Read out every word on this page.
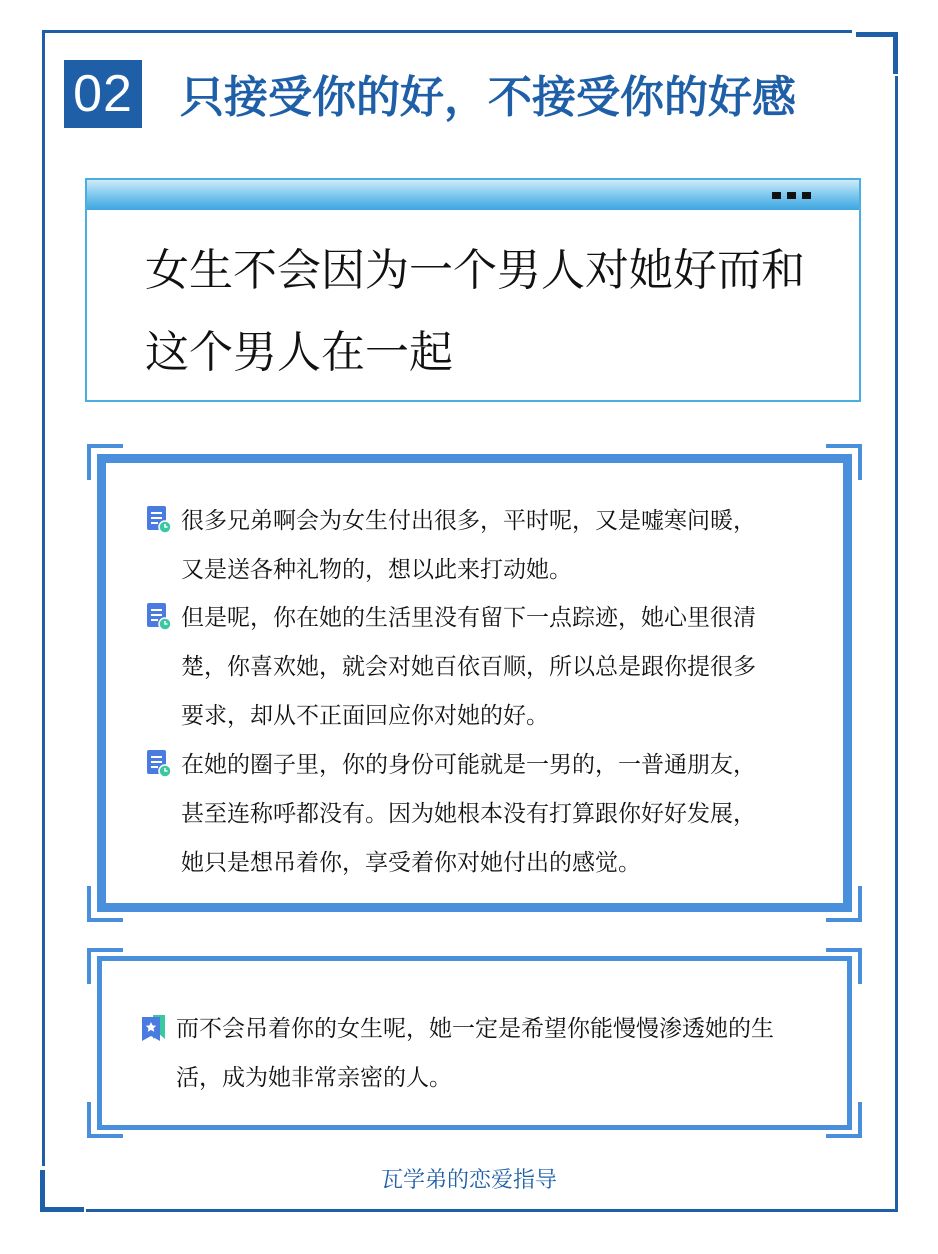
02 只接受你的好，不接受你的好感
女生不会因为一个男人对她好而和
这个男人在一起
很多兄弟啊会为女生付出很多，平时呢，又是嘘寒问暖，
又是送各种礼物的，想以此来打动她。
但是呢，你在她的生活里没有留下一点踪迹，她心里很清
楚，你喜欢她，就会对她百依百顺，所以总是跟你提很多
要求，却从不正面回应你对她的好。
在她的圈子里，你的身份可能就是一男的，一普通朋友，
甚至连称呼都没有。因为她根本没有打算跟你好好发展，
她只是想吊着你，享受着你对她付出的感觉。
而不会吊着你的女生呢，她一定是希望你能慢慢渗透她的生
活，成为她非常亲密的人。
瓦学弟的恋爱指导
